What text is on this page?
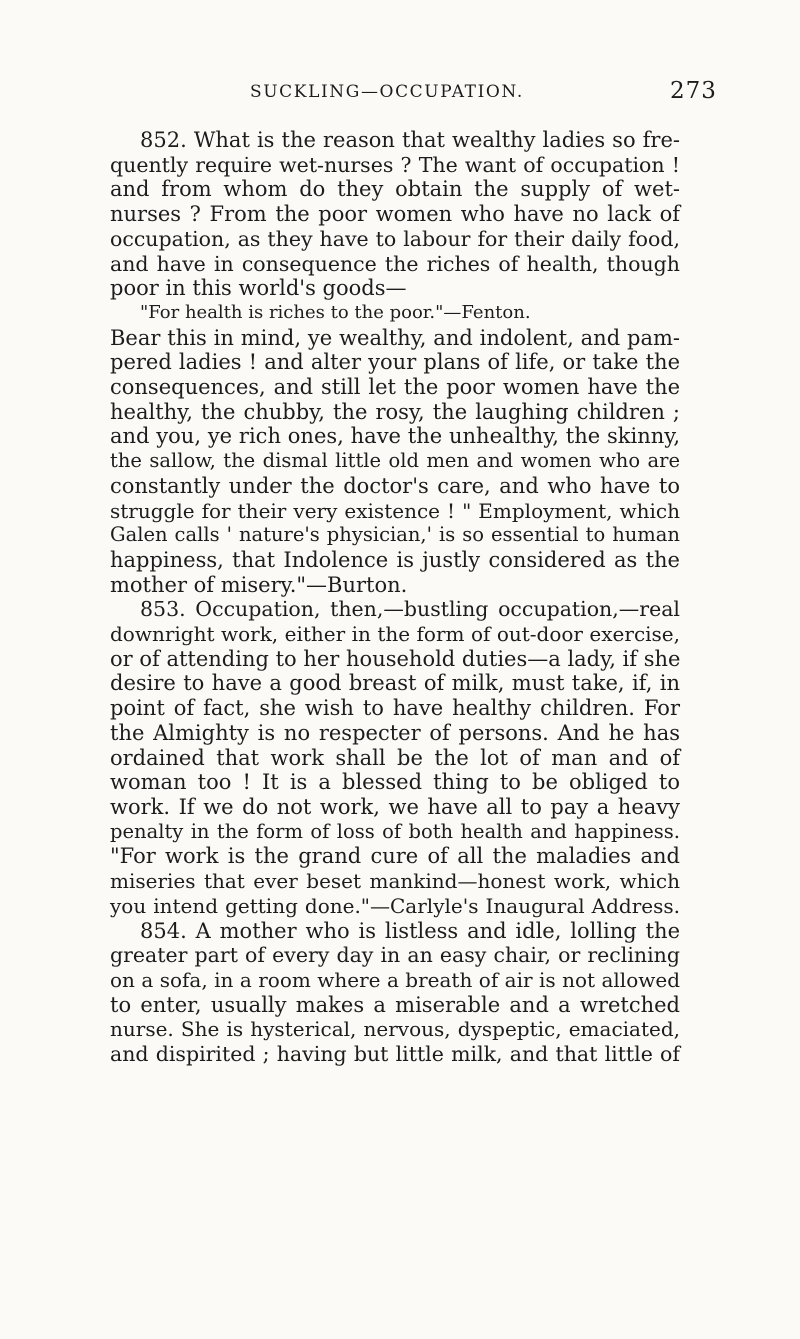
SUCKLING—OCCUPATION.	273
852. What is the reason that wealthy ladies so fre-
quently require wet-nurses ? The want of occupation !
and from whom do they obtain the supply of wet-
nurses ? From the poor women who have no lack of
occupation, as they have to labour for their daily food,
and have in consequence the riches of health, though
poor in this world's goods—
"For health is riches to the poor."—Fenton.
Bear this in mind, ye wealthy, and indolent, and pam-
pered ladies ! and alter your plans of life, or take the
consequences, and still let the poor women have the
healthy, the chubby, the rosy, the laughing children ;
and you, ye rich ones, have the unhealthy, the skinny,
the sallow, the dismal little old men and women who are
constantly under the doctor's care, and who have to
struggle for their very existence ! " Employment, which
Galen calls ' nature's physician,' is so essential to human
happiness, that Indolence is justly considered as the
mother of misery."—Burton.
853. Occupation, then,—bustling occupation,—real
downright work, either in the form of out-door exercise,
or of attending to her household duties—a lady, if she
desire to have a good breast of milk, must take, if, in
point of fact, she wish to have healthy children. For
the Almighty is no respecter of persons. And he has
ordained that work shall be the lot of man and of
woman too ! It is a blessed thing to be obliged to
work. If we do not work, we have all to pay a heavy
penalty in the form of loss of both health and happiness.
"For work is the grand cure of all the maladies and
miseries that ever beset mankind—honest work, which
you intend getting done."—Carlyle's Inaugural Address.
854. A mother who is listless and idle, lolling the
greater part of every day in an easy chair, or reclining
on a sofa, in a room where a breath of air is not allowed
to enter, usually makes a miserable and a wretched
nurse. She is hysterical, nervous, dyspeptic, emaciated,
and dispirited ; having but little milk, and that little of
